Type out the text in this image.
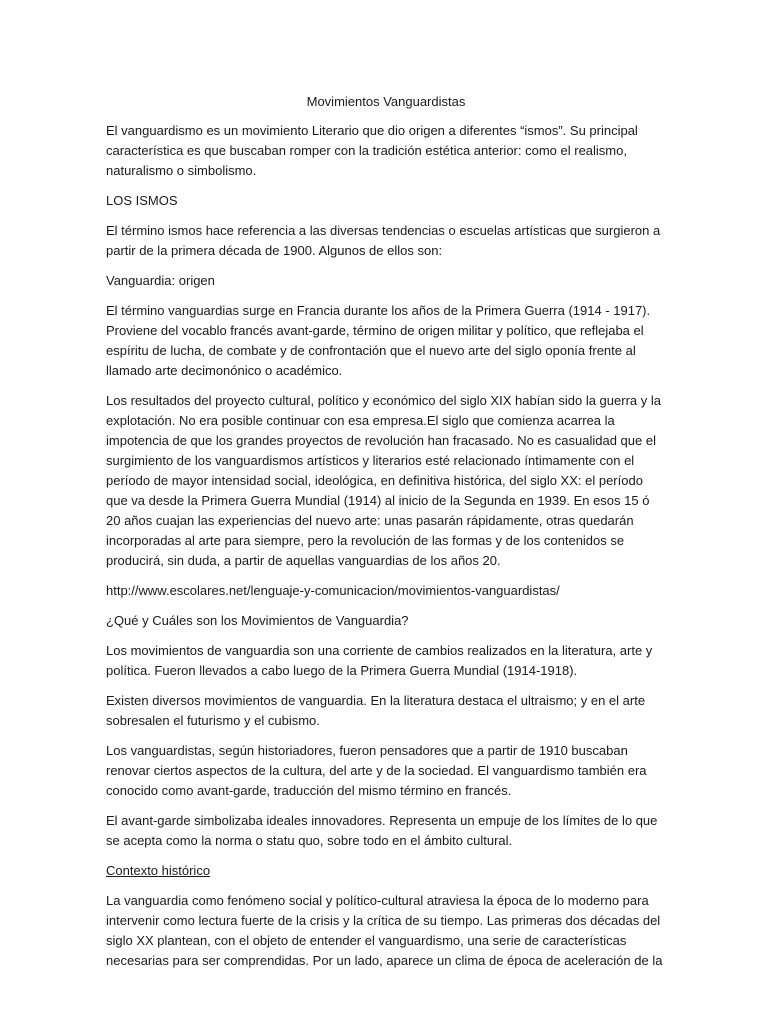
Movimientos Vanguardistas

El vanguardismo es un movimiento Literario que dio origen a diferentes “ismos”. Su principal característica es que buscaban romper con la tradición estética anterior: como el realismo, naturalismo o simbolismo.

LOS ISMOS

El término ismos hace referencia a las diversas tendencias o escuelas artísticas que surgieron a partir de la primera década de 1900. Algunos de ellos son:

Vanguardia: origen

El término vanguardias surge en Francia durante los años de la Primera Guerra (1914 - 1917). Proviene del vocablo francés avant-garde, término de origen militar y político, que reflejaba el espíritu de lucha, de combate y de confrontación que el nuevo arte del siglo oponía frente al llamado arte decimonónico o académico.

Los resultados del proyecto cultural, político y económico del siglo XIX habían sido la guerra y la explotación. No era posible continuar con esa empresa.El siglo que comienza acarrea la impotencia de que los grandes proyectos de revolución han fracasado. No es casualidad que el surgimiento de los vanguardismos artísticos y literarios esté relacionado íntimamente con el período de mayor intensidad social, ideológica, en definitiva histórica, del siglo XX: el período que va desde la Primera Guerra Mundial (1914) al inicio de la Segunda en 1939. En esos 15 ó 20 años cuajan las experiencias del nuevo arte: unas pasarán rápidamente, otras quedarán incorporadas al arte para siempre, pero la revolución de las formas y de los contenidos se producirá, sin duda, a partir de aquellas vanguardias de los años 20.

http://www.escolares.net/lenguaje-y-comunicacion/movimientos-vanguardistas/

¿Qué y Cuáles son los Movimientos de Vanguardia?

Los movimientos de vanguardia son una corriente de cambios realizados en la literatura, arte y política. Fueron llevados a cabo luego de la Primera Guerra Mundial (1914-1918).

Existen diversos movimientos de vanguardia. En la literatura destaca el ultraismo; y en el arte sobresalen el futurismo y el cubismo.

Los vanguardistas, según historiadores, fueron pensadores que a partir de 1910 buscaban renovar ciertos aspectos de la cultura, del arte y de la sociedad. El vanguardismo también era conocido como avant-garde, traducción del mismo término en francés.

El avant-garde simbolizaba ideales innovadores. Representa un empuje de los límites de lo que se acepta como la norma o statu quo, sobre todo en el ámbito cultural.

Contexto histórico

La vanguardia como fenómeno social y político-cultural atraviesa la época de lo moderno para intervenir como lectura fuerte de la crisis y la crítica de su tiempo. Las primeras dos décadas del siglo XX plantean, con el objeto de entender el vanguardismo, una serie de características necesarias para ser comprendidas. Por un lado, aparece un clima de época de aceleración de la
